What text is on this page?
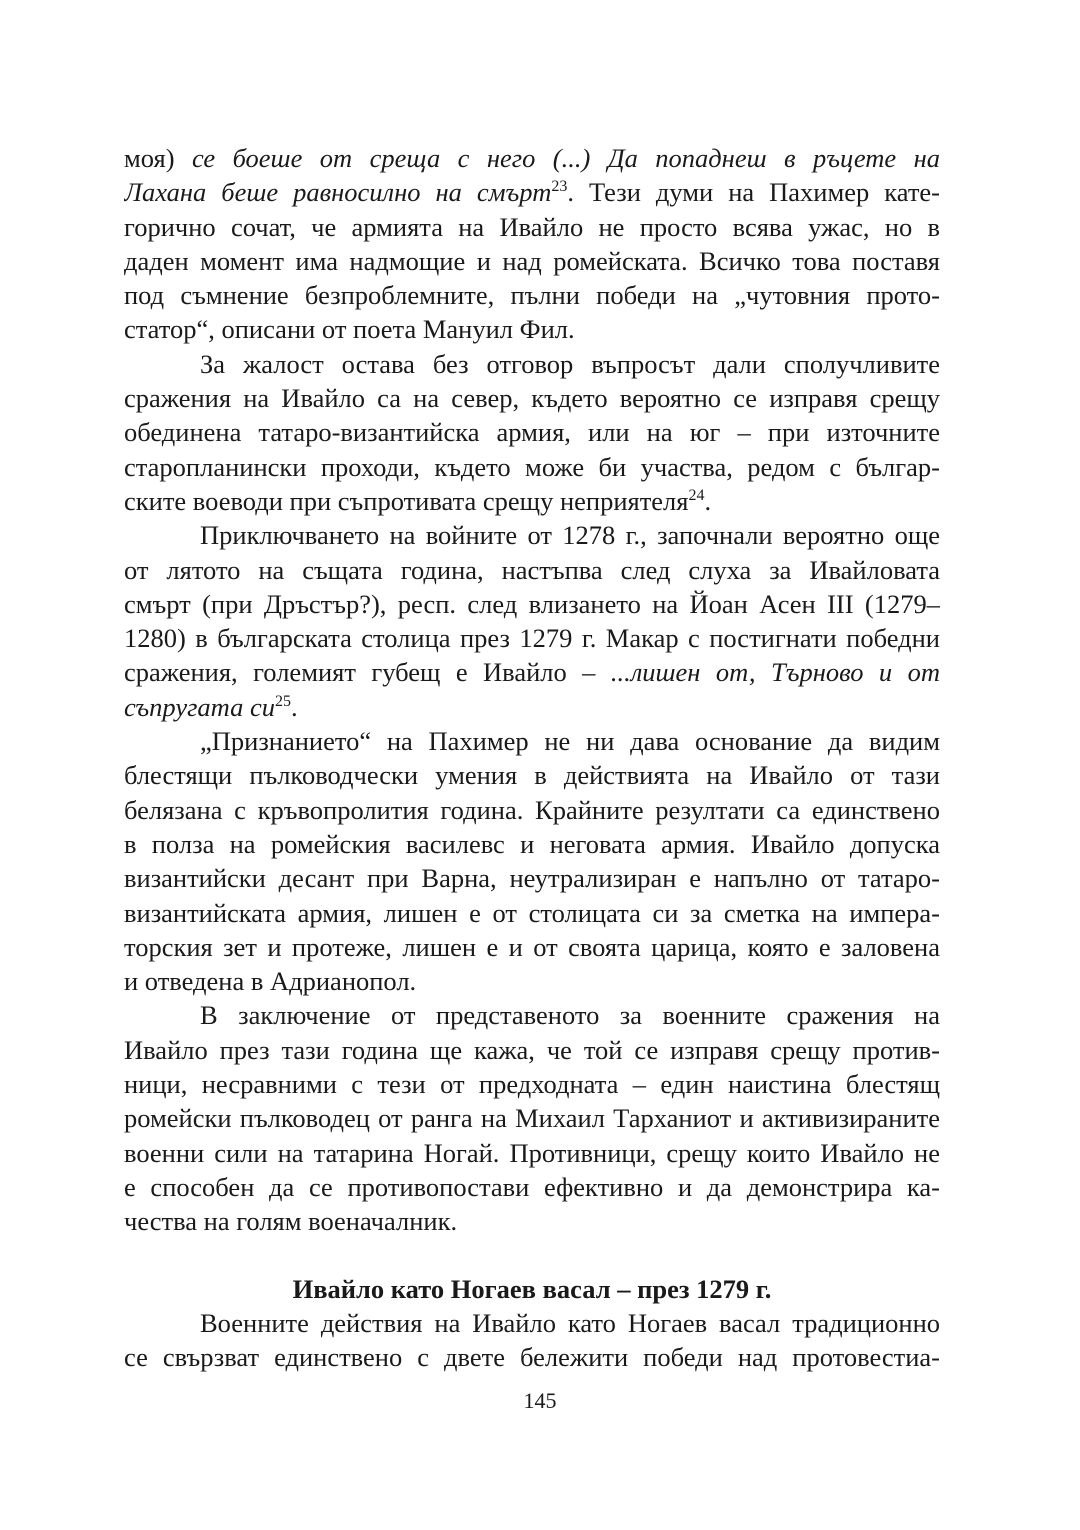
моя) се боеше от среща с него (...) Да попаднеш в ръцете на
Лахана беше равносилно на смърт$^{23}$. Тези думи на Пахимер кате-
горично сочат, че армията на Ивайло не просто всява ужас, но в
даден момент има надмощие и над ромейската. Всичко това поставя
под съмнение безпроблемните, пълни победи на „чутовния прото-
статор“, описани от поета Мануил Фил.
За жалост остава без отговор въпросът дали сполучливите
сражения на Ивайло са на север, където вероятно се изправя срещу
обединена татаро-византийска армия, или на юг – при източните
старопланински проходи, където може би участва, редом с българ-
ските воеводи при съпротивата срещу неприятеля$^{24}$.
Приключването на войните от 1278 г., започнали вероятно още
от лятото на същата година, настъпва след слуха за Ивайловата
смърт (при Дръстър?), респ. след влизането на Йоан Асен III (1279–
1280) в българската столица през 1279 г. Макар с постигнати победни
сражения, големият губещ е Ивайло – ...лишен от, Търново и от
съпругата $си^{25}$.
„Признанието“ на Пахимер не ни дава основание да видим
блестящи пълководчески умения в действията на Ивайло от тази
белязана с кръвопролития година. Крайните резултати са единствено
в полза на ромейския василевс и неговата армия. Ивайло допуска
византийски десант при Варна, неутрализиран е напълно от татаро-
византийската армия, лишен е от столицата си за сметка на импера-
торския зет и протеже, лишен е и от своята царица, която е заловена
и отведена в Адрианопол.
В заключение от представеното за военните сражения на
Ивайло през тази година ще кажа, че той се изправя срещу против-
ници, несравними с тези от предходната – един наистина блестящ
ромейски пълководец от ранга на Михаил Тарханиот и активизираните
военни сили на татарина Ногай. Противници, срещу които Ивайло не
е способен да се противопостави ефективно и да демонстрира ка-
чества на голям военачалник.
Ивайло като Ногаев васал – през 1279 г.
Военните действия на Ивайло като Ногаев васал традиционно
се свързват единствено с двете бележити победи над протовестиа-
145
